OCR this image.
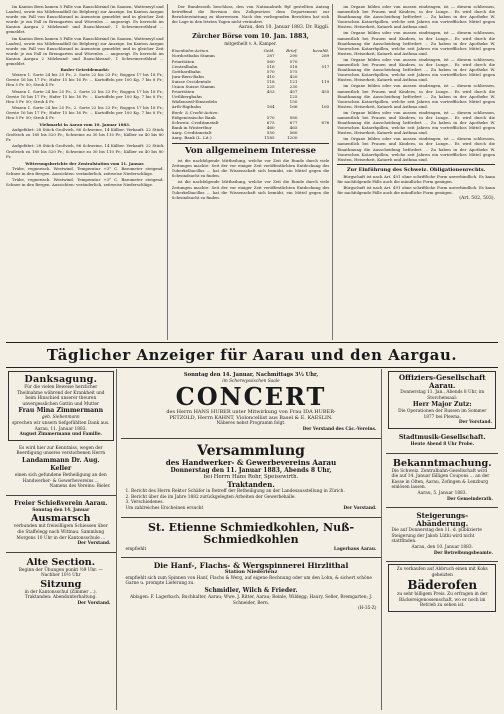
Im Kanton Bern kamen 5 Fälle von Rauschbrand (in Saanen, Wattenwyl und Laufen), sowie ein Milzbrandfall (in Belpberg) zur Anzeige. Im Kanton Aargau wurde ein Fall von Rauschbrand in Auenstein gemeldet und in gleicher Zeit wurde je ein Fall in Bremgarten und Würenlos ... angezeigt. Es herrscht im Kanton Aargau 2 Milzbrand- und Rauschbrand-, 1 Schweinerothlauf ... gemeldet.

Im Kanton Bern kamen 5 Fälle von Rauschbrand (in Saanen, Wattenwyl und Laufen), sowie ein Milzbrandfall (in Belpberg) zur Anzeige. Im Kanton Aargau wurde ein Fall von Rauschbrand in Auenstein gemeldet und in gleicher Zeit wurde je ein Fall in Bremgarten und Würenlos ... angezeigt. Es herrscht im Kanton Aargau 2 Milzbrand- und Rauschbrand-, 1 Schweinerothlauf ... gemeldet.

Basler Getreidemarkt:

Weizen 1. Sorte 24 bis 25 Fr., 2. Sorte 22 bis 23 Fr.; Roggen 17 bis 18 Fr.; Gerste 16 bis 17 Fr.; Hafer 15 bis 16 Fr. ... Kartoffeln per 100 Kg. 7 bis 8 Fr.; Heu 5 Fr. 50; Stroh 4 Fr.

Weizen 1. Sorte 24 bis 25 Fr., 2. Sorte 22 bis 23 Fr.; Roggen 17 bis 18 Fr.; Gerste 16 bis 17 Fr.; Hafer 15 bis 16 Fr. ... Kartoffeln per 100 Kg. 7 bis 8 Fr.; Heu 5 Fr. 50; Stroh 4 Fr.

Weizen 1. Sorte 24 bis 25 Fr., 2. Sorte 22 bis 23 Fr.; Roggen 17 bis 18 Fr.; Gerste 16 bis 17 Fr.; Hafer 15 bis 16 Fr. ... Kartoffeln per 100 Kg. 7 bis 8 Fr.; Heu 5 Fr. 50; Stroh 4 Fr.

Viehmarkt in Aarau vom 10. Januar 1883.

Aufgeführt: 28 Stück Großvieh, 86 Schweine, 14 Kälber. Verkauft: 22 Stück Großvieh zu 180 bis 520 Fr.; Schweine zu 30 bis 110 Fr.; Kälber zu 40 bis 80 Fr.

Aufgeführt: 28 Stück Großvieh, 86 Schweine, 14 Kälber. Verkauft: 22 Stück Großvieh zu 180 bis 520 Fr.; Schweine zu 30 bis 110 Fr.; Kälber zu 40 bis 80 Fr.

Witterungsberichte der Zentralstation vom 11. Januar.

Trübe, regnerisch. Westwind. Temperatur +3° C. Barometer steigend. Schnee in den Bergen. Aussichten: veränderlich, zeitweise Niederschläge.

Trübe, regnerisch. Westwind. Temperatur +3° C. Barometer steigend. Schnee in den Bergen. Aussichten: veränderlich, zeitweise Niederschläge.

Der Bundesrath beschloss, den von Nationalrath Ryf gestellten Antrag betreffend die Revision des Zollgesetzes dem Departement zur Berichterstattung zu überweisen. Nach den vorliegenden Berichten hat sich die Lage in den letzten Tagen nicht verändert.

Aarau, den 10. Januar 1883. Dr. Riggli.
Zürcher Börse vom 10. Jan. 1883,
mitgetheilt v. A. Kamper.
Eisenbahn-Actien.	Geld.	Brief.	bezahlt.
Nordostbahn Stamm	287	290	289
Prioritäten	560	570	
Centralbahn	516	518	517
Gotthardbahn	570	575	
Jura-Bern-Bahn	410	420	
Suisse Occidentale	118	121	119
Union Suisse Stamm	225	230	
Prioritäten	453	457	455
Uetlibergbahn		125	
Wädenswil-Einsiedeln		150	
Arth-Rigibahn	164	166	165
Bank- & Credit-Actien.			
Eidgenössische Bank	570	580	
Schweiz. Creditanstalt	675	677	676
Bank in Winterthur	460	465	
Aarg. Creditanstalt	550	560	
Aarg. Bank (L. Lit.)	1185	1200	
Von allgemeinem Interesse

ist die nachfolgende Mittheilung, welche vor Zeit die Runde durch viele Zeitungen machte: Seit der vor einiger Zeit veröffentlichten Entdeckung des Tuberkelbacillus ... hat die Wissenschaft sich bemüht, ein Mittel gegen die Schwindsucht zu finden.

ist die nachfolgende Mittheilung, welche vor Zeit die Runde durch viele Zeitungen machte: Seit der vor einiger Zeit veröffentlichten Entdeckung des Tuberkelbacillus ... hat die Wissenschaft sich bemüht, ein Mittel gegen die Schwindsucht zu finden.

im Organe bilden oder von aussen eindringen, ist — diesem schliessen, namentlich bei Frauen und Kindern, in der Lunge... Es wird durch die Einathmung die Ausscheidung befördert ... Zu haben in der Apotheke W. Vonwschen Katarrhpillen, welche seit Jahren ein vortreffliches Mittel gegen Husten, Heiserkeit, Katarrh und Asthma sind.

im Organe bilden oder von aussen eindringen, ist — diesem schliessen, namentlich bei Frauen und Kindern, in der Lunge... Es wird durch die Einathmung die Ausscheidung befördert ... Zu haben in der Apotheke W. Vonwschen Katarrhpillen, welche seit Jahren ein vortreffliches Mittel gegen Husten, Heiserkeit, Katarrh und Asthma sind.

im Organe bilden oder von aussen eindringen, ist — diesem schliessen, namentlich bei Frauen und Kindern, in der Lunge... Es wird durch die Einathmung die Ausscheidung befördert ... Zu haben in der Apotheke W. Vonwschen Katarrhpillen, welche seit Jahren ein vortreffliches Mittel gegen Husten, Heiserkeit, Katarrh und Asthma sind.

im Organe bilden oder von aussen eindringen, ist — diesem schliessen, namentlich bei Frauen und Kindern, in der Lunge... Es wird durch die Einathmung die Ausscheidung befördert ... Zu haben in der Apotheke W. Vonwschen Katarrhpillen, welche seit Jahren ein vortreffliches Mittel gegen Husten, Heiserkeit, Katarrh und Asthma sind.

im Organe bilden oder von aussen eindringen, ist — diesem schliessen, namentlich bei Frauen und Kindern, in der Lunge... Es wird durch die Einathmung die Ausscheidung befördert ... Zu haben in der Apotheke W. Vonwschen Katarrhpillen, welche seit Jahren ein vortreffliches Mittel gegen Husten, Heiserkeit, Katarrh und Asthma sind.

im Organe bilden oder von aussen eindringen, ist — diesem schliessen, namentlich bei Frauen und Kindern, in der Lunge... Es wird durch die Einathmung die Ausscheidung befördert ... Zu haben in der Apotheke W. Vonwschen Katarrhpillen, welche seit Jahren ein vortreffliches Mittel gegen Husten, Heiserkeit, Katarrh und Asthma sind.

Zur Einführung des Schweiz. Obligationenrechts.

Bürgschaft ist nach Art. 491 ohne schriftliche Form unverbindlich. Es kann für nachfolgende Fälle auch die mündliche Form genügen.

Bürgschaft ist nach Art. 491 ohne schriftliche Form unverbindlich. Es kann für nachfolgende Fälle auch die mündliche Form genügen.

(Art. 502, 503).
Täglicher Anzeiger für Aarau und den Aargau.
Danksagung.
Für die vielen Beweise herzlicher Theilnahme während der Krankheit und beim Hinschied unserer theuren unvergesslichen Gattin und Mutter
Frau Mina Zimmermann
geb. Siebenmann
sprechen wir unsern tiefgefühlten Dank aus.
Aarau, 11. Januar 1883.
August Zimmermann und Familie.
Es wird hier zur Kenntniss, wegen der Beerdigung unseres verstorbenen Herrn
Landammann Dr. Aug. Keller
einen sich gefundene Betheiligung an den Handwerker- & Gewerbevereins ...
Namens des Vereins: Bieler.
Freier Schießverein Aarau.
Sonntag den 14. Januar
Ausmarsch
verbunden mit freiwilligem Schiessen über die Staffelegg nach Wittnau. Sammlung Morgens 10 Uhr in der Kantonsschule ...
Der Vorstand.
Alte Section.
Beginn der Übungen punkt ½9 Uhr. — Nachher 10½ Uhr
Sitzung
in der Kantonsschul (Zimmer ...). Traktanden: Abendunterhaltung.
Der Vorstand.
Sonntag den 14. Januar, Nachmittags 3½ Uhr,
im Scherwyssischen Saale
CONCERT
des Herrn HANS HUBER unter Mitwirkung von Frau IDA HUBER-
PETZOLD, Herrn KAHNT, Violoncellist aus Basel & E. KAESLIN.
Näheres nebst Programm folgt.
Der Verstand des Cäc.-Vereins.
Versammlung
des Handwerker- & Gewerbevereins Aarau
Donnerstag den 11. Januar 1883, Abends 8 Uhr,
bei Herrn Hans Rohr, Speisewirth.
Traktanden.
1. Bericht des Herrn Rektor Schäfer in Betreff der Betheiligung an der Landesausstellung in Zürich.
2. Bericht über die im Jahre 1882 zurückgelegten Arbeiten der Gewerbehalle.
3. Verschiedenes.
Um zahlreiches Erscheinen ersucht	Der Vorstand.
St. Etienne Schmiedkohlen, Nuß-Schmiedkohlen
empfiehlt	Lagerhaus Aarau.
Die Hanf-, Flachs- & Wergspinnerei Hirzlithal
Station Niederlenz
empfiehlt sich zum Spinnen von Hanf, Flachs & Werg, auf eigene Rechnung oder um den Lohn, & sichert schöne Garne u. prompte Lieferung zu.
Schmidler, Wilch & Frieder.
Ablagen: F. Lagerbach, Buchhalter, Aarau; Wwe. J. Ritter, Aarau; Reinle, Wildegg; Haury, Seller, Bremgarten; J. Schneider, Bern.
(H-35-Z)
Offiziers-Gesellschaft Aarau.
Donnerstag 11. Jan., Abends 8 Uhr, im Storchensaal:
Herr Major Zutz:
Die Operationen der Russen im Sommer 1877 bei Plewna.
Der Vorstand.
Stadtmusik-Gesellschaft.
Heute Abend 8 Uhr Probe.
Bekanntmachung.
Die Schweiz. Zentralbahn-Gesellschaft wird die auf 14. Januar fälligen Coupons ... an der Kasse in Olten, Aarau, Zofingen & Lenzburg einlösen lassen.
Aarau, 5. Januar 1883.
Der Gemeinderath.
Steigerungs-Abänderung.
Die auf Donnerstag den 11. d. publizierte Steigerung der Jakob Lüthi wird nicht stattfinden.
Aarau, den 10. Januar 1883.
Der Betreibungsbeamte.
Zu verkaufen auf Abbruch einen mit Koks geheizten
Bäderofen
zu sehr billigem Preis. Zu erfragen in der Bäckereigenossenschaft, wo er noch im Betrieb zu sehen ist.
